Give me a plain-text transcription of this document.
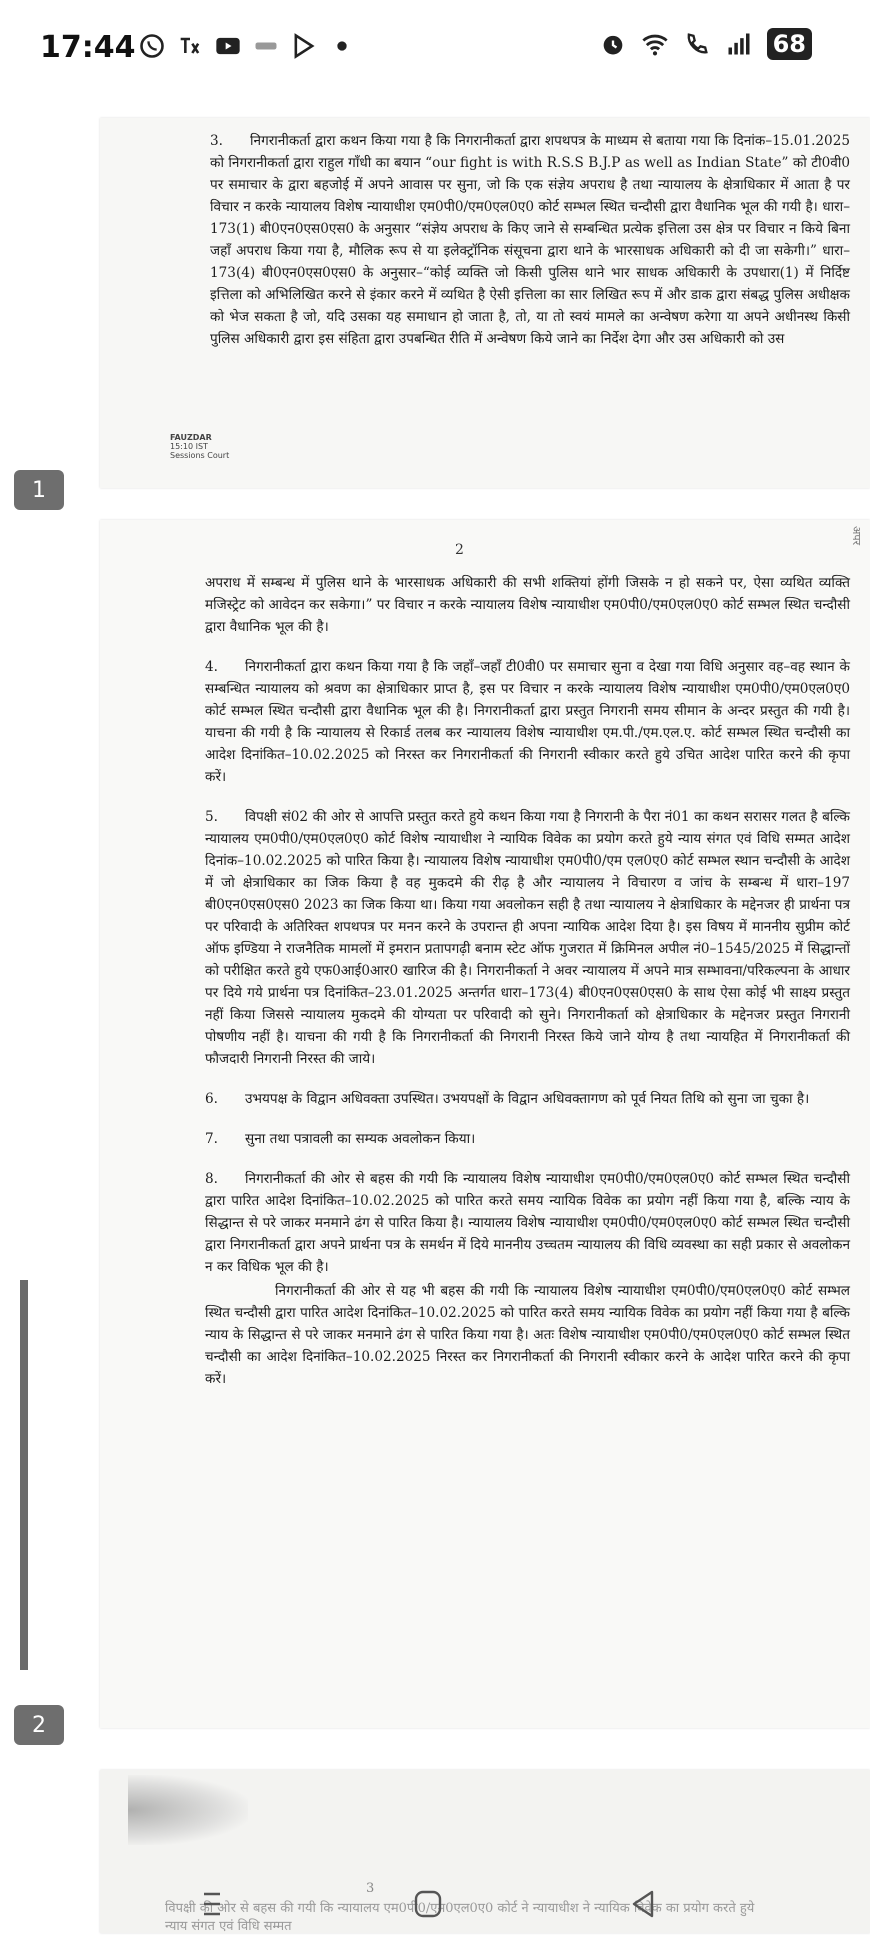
17:44	68

3. निगरानीकर्ता द्वारा कथन किया गया है कि निगरानीकर्ता द्वारा शपथपत्र के माध्यम से बताया गया कि दिनांक–15.01.2025 को निगरानीकर्ता द्वारा राहुल गाँधी का बयान “our fight is with R.S.S B.J.P as well as Indian State” को टी0वी0 पर समाचार के द्वारा बहजोई में अपने आवास पर सुना, जो कि एक संज्ञेय अपराध है तथा न्यायालय के क्षेत्राधिकार में आता है पर विचार न करके न्यायालय विशेष न्यायाधीश एम0पी0/एम0एल0ए0 कोर्ट सम्भल स्थित चन्दौसी द्वारा वैधानिक भूल की गयी है। धारा–173(1) बी0एन0एस0एस0 के अनुसार “संज्ञेय अपराध के किए जाने से सम्बन्धित प्रत्येक इत्तिला उस क्षेत्र पर विचार न किये बिना जहाँ अपराध किया गया है, मौलिक रूप से या इलेक्ट्रॉनिक संसूचना द्वारा थाने के भारसाधक अधिकारी को दी जा सकेगी।” धारा–173(4) बी0एन0एस0एस0 के अनुसार–“कोई व्यक्ति जो किसी पुलिस थाने भार साधक अधिकारी के उपधारा(1) में निर्दिष्ट इत्तिला को अभिलिखित करने से इंकार करने में व्यथित है ऐसी इत्तिला का सार लिखित रूप में और डाक द्वारा संबद्ध पुलिस अधीक्षक को भेज सकता है जो, यदि उसका यह समाधान हो जाता है, तो, या तो स्वयं मामले का अन्वेषण करेगा या अपने अधीनस्थ किसी पुलिस अधिकारी द्वारा इस संहिता द्वारा उपबन्धित रीति में अन्वेषण किये जाने का निर्देश देगा और उस अधिकारी को उस

FAUZDAR
15:10 IST
Sessions Court
1
2
अपर

अपराध में सम्बन्ध में पुलिस थाने के भारसाधक अधिकारी की सभी शक्तियां होंगी जिसके न हो सकने पर, ऐसा व्यथित व्यक्ति मजिस्ट्रेट को आवेदन कर सकेगा।” पर विचार न करके न्यायालय विशेष न्यायाधीश एम0पी0/एम0एल0ए0 कोर्ट सम्भल स्थित चन्दौसी द्वारा वैधानिक भूल की है।

4. निगरानीकर्ता द्वारा कथन किया गया है कि जहाँ–जहाँ टी0वी0 पर समाचार सुना व देखा गया विधि अनुसार वह–वह स्थान के सम्बन्धित न्यायालय को श्रवण का क्षेत्राधिकार प्राप्त है, इस पर विचार न करके न्यायालय विशेष न्यायाधीश एम0पी0/एम0एल0ए0 कोर्ट सम्भल स्थित चन्दौसी द्वारा वैधानिक भूल की है। निगरानीकर्ता द्वारा प्रस्तुत निगरानी समय सीमान के अन्दर प्रस्तुत की गयी है। याचना की गयी है कि न्यायालय से रिकार्ड तलब कर न्यायालय विशेष न्यायाधीश एम.पी./एम.एल.ए. कोर्ट सम्भल स्थित चन्दौसी का आदेश दिनांकित–10.02.2025 को निरस्त कर निगरानीकर्ता की निगरानी स्वीकार करते हुये उचित आदेश पारित करने की कृपा करें।

5. विपक्षी सं02 की ओर से आपत्ति प्रस्तुत करते हुये कथन किया गया है निगरानी के पैरा नं01 का कथन सरासर गलत है बल्कि न्यायालय एम0पी0/एम0एल0ए0 कोर्ट विशेष न्यायाधीश ने न्यायिक विवेक का प्रयोग करते हुये न्याय संगत एवं विधि सम्मत आदेश दिनांक–10.02.2025 को पारित किया है। न्यायालय विशेष न्यायाधीश एम0पी0/एम एल0ए0 कोर्ट सम्भल स्थान चन्दौसी के आदेश में जो क्षेत्राधिकार का जिक किया है वह मुकदमे की रीढ़ है और न्यायालय ने विचारण व जांच के सम्बन्ध में धारा–197 बी0एन0एस0एस0 2023 का जिक किया था। किया गया अवलोकन सही है तथा न्यायालय ने क्षेत्राधिकार के मद्देनजर ही प्रार्थना पत्र पर परिवादी के अतिरिक्त शपथपत्र पर मनन करने के उपरान्त ही अपना न्यायिक आदेश दिया है। इस विषय में माननीय सुप्रीम कोर्ट ऑफ इण्डिया ने राजनैतिक मामलों में इमरान प्रतापगढ़ी बनाम स्टेट ऑफ गुजरात में क्रिमिनल अपील नं0–1545/2025 में सिद्धान्तों को परीक्षित करते हुये एफ0आई0आर0 खारिज की है। निगरानीकर्ता ने अवर न्यायालय में अपने मात्र सम्भावना/परिकल्पना के आधार पर दिये गये प्रार्थना पत्र दिनांकित–23.01.2025 अन्तर्गत धारा–173(4) बी0एन0एस0एस0 के साथ ऐसा कोई भी साक्ष्य प्रस्तुत नहीं किया जिससे न्यायालय मुकदमे की योग्यता पर परिवादी को सुने। निगरानीकर्ता को क्षेत्राधिकार के मद्देनजर प्रस्तुत निगरानी पोषणीय नहीं है। याचना की गयी है कि निगरानीकर्ता की निगरानी निरस्त किये जाने योग्य है तथा न्यायहित में निगरानीकर्ता की फौजदारी निगरानी निरस्त की जाये।

6. उभयपक्ष के विद्वान अधिवक्ता उपस्थित। उभयपक्षों के विद्वान अधिवक्तागण को पूर्व नियत तिथि को सुना जा चुका है।

7. सुना तथा पत्रावली का सम्यक अवलोकन किया।

8. निगरानीकर्ता की ओर से बहस की गयी कि न्यायालय विशेष न्यायाधीश एम0पी0/एम0एल0ए0 कोर्ट सम्भल स्थित चन्दौसी द्वारा पारित आदेश दिनांकित–10.02.2025 को पारित करते समय न्यायिक विवेक का प्रयोग नहीं किया गया है, बल्कि न्याय के सिद्धान्त से परे जाकर मनमाने ढंग से पारित किया है। न्यायालय विशेष न्यायाधीश एम0पी0/एम0एल0ए0 कोर्ट सम्भल स्थित चन्दौसी द्वारा निगरानीकर्ता द्वारा अपने प्रार्थना पत्र के समर्थन में दिये माननीय उच्चतम न्यायालय की विधि व्यवस्था का सही प्रकार से अवलोकन न कर विधिक भूल की है।

निगरानीकर्ता की ओर से यह भी बहस की गयी कि न्यायालय विशेष न्यायाधीश एम0पी0/एम0एल0ए0 कोर्ट सम्भल स्थित चन्दौसी द्वारा पारित आदेश दिनांकित–10.02.2025 को पारित करते समय न्यायिक विवेक का प्रयोग नहीं किया गया है बल्कि न्याय के सिद्धान्त से परे जाकर मनमाने ढंग से पारित किया गया है। अतः विशेष न्यायाधीश एम0पी0/एम0एल0ए0 कोर्ट सम्भल स्थित चन्दौसी का आदेश दिनांकित–10.02.2025 निरस्त कर निगरानीकर्ता की निगरानी स्वीकार करने के आदेश पारित करने की कृपा करें।

2
3
विपक्षी की ओर से बहस की गयी कि न्यायालय एम0पी0/एम0एल0ए0 कोर्ट ने न्यायाधीश ने न्यायिक विवेक का प्रयोग करते हुये न्याय संगत एवं विधि सम्मत
